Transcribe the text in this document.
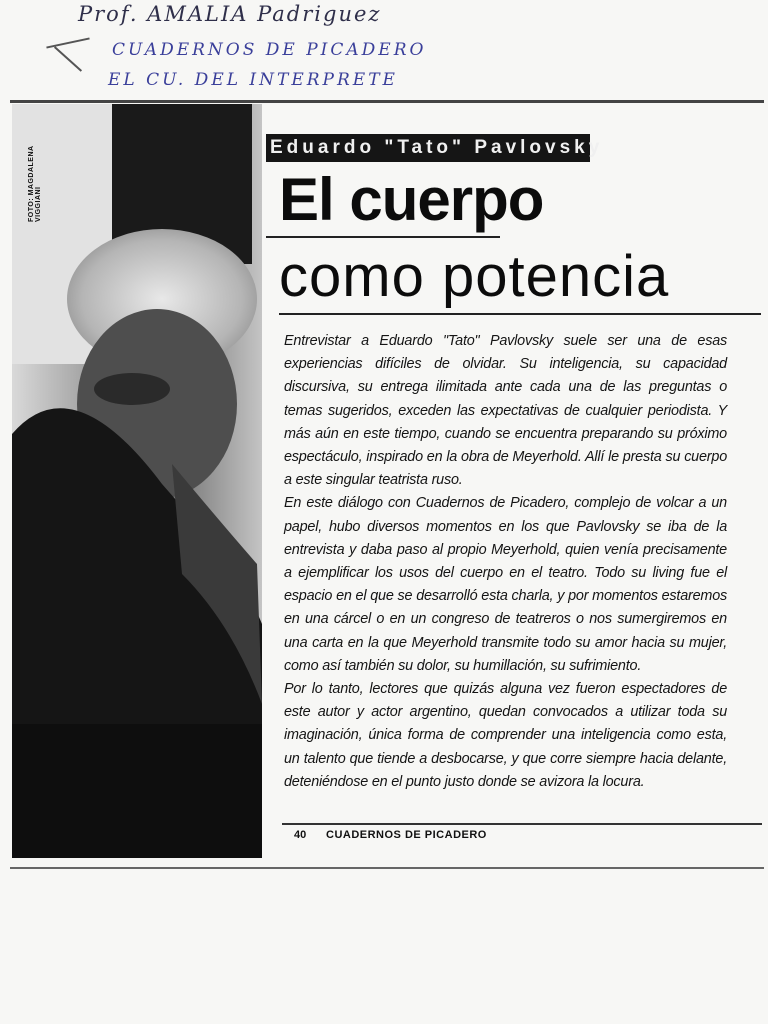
Prof. AMALIA Padriguez
CUADERNOS DE PICADERO
EL CU. DEL INTERPRETE
FOTO: MAGDALENA VIGGIANI
Eduardo "Tato" Pavlovsky
El cuerpo
como potencia

Entrevistar a Eduardo "Tato" Pavlovsky suele ser una de esas experiencias difíciles de olvidar. Su inteligencia, su capacidad discursiva, su entrega ilimitada ante cada una de las preguntas o temas sugeridos, exceden las expectativas de cualquier periodista. Y más aún en este tiempo, cuando se encuentra preparando su próximo espectáculo, inspirado en la obra de Meyerhold. Allí le presta su cuerpo a este singular teatrista ruso.

En este diálogo con Cuadernos de Picadero, complejo de volcar a un papel, hubo diversos momentos en los que Pavlovsky se iba de la entrevista y daba paso al propio Meyerhold, quien venía precisamente a ejemplificar los usos del cuerpo en el teatro. Todo su living fue el espacio en el que se desarrolló esta charla, y por momentos estaremos en una cárcel o en un congreso de teatreros o nos sumergiremos en una carta en la que Meyerhold transmite todo su amor hacia su mujer, como así también su dolor, su humillación, su sufrimiento.

Por lo tanto, lectores que quizás alguna vez fueron espectadores de este autor y actor argentino, quedan convocados a utilizar toda su imaginación, única forma de comprender una inteligencia como esta, un talento que tiende a desbocarse, y que corre siempre hacia delante, deteniéndose en el punto justo donde se avizora la locura.

40 CUADERNOS DE PICADERO
